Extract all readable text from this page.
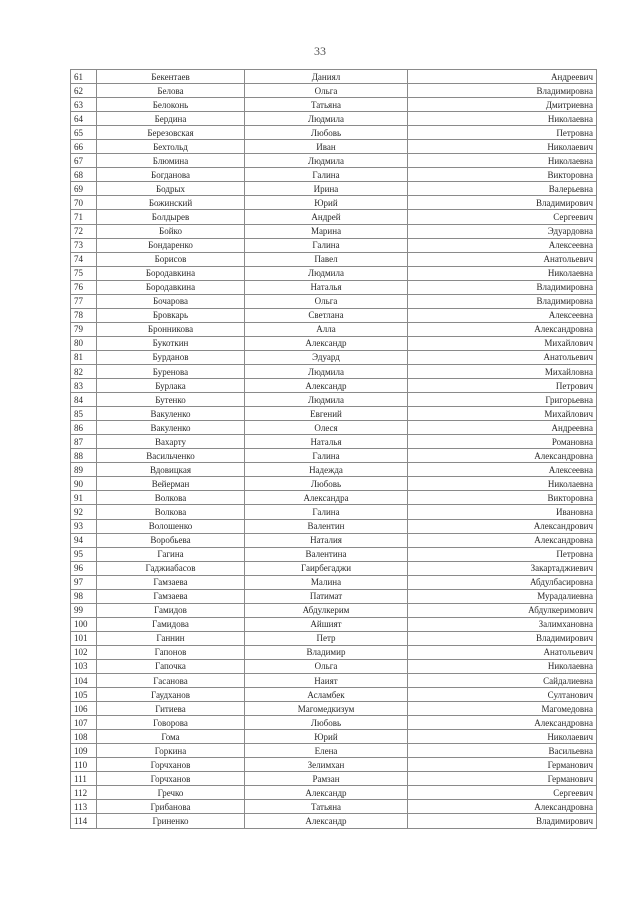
33
61	Бекентаев	Даниял	Андреевич
62	Белова	Ольга	Владимировна
63	Белоконь	Татьяна	Дмитриевна
64	Бердина	Людмила	Николаевна
65	Березовская	Любовь	Петровна
66	Бехтольд	Иван	Николаевич
67	Блюмина	Людмила	Николаевна
68	Богданова	Галина	Викторовна
69	Бодрых	Ирина	Валерьевна
70	Божинский	Юрий	Владимирович
71	Болдырев	Андрей	Сергеевич
72	Бойко	Марина	Эдуардовна
73	Бондаренко	Галина	Алексеевна
74	Борисов	Павел	Анатольевич
75	Бородавкина	Людмила	Николаевна
76	Бородавкина	Наталья	Владимировна
77	Бочарова	Ольга	Владимировна
78	Бровкарь	Светлана	Алексеевна
79	Бронникова	Алла	Александровна
80	Букоткин	Александр	Михайлович
81	Бурданов	Эдуард	Анатольевич
82	Буренова	Людмила	Михайловна
83	Бурлака	Александр	Петрович
84	Бутенко	Людмила	Григорьевна
85	Вакуленко	Евгений	Михайлович
86	Вакуленко	Олеся	Андреевна
87	Вахарту	Наталья	Романовна
88	Васильченко	Галина	Александровна
89	Вдовицкая	Надежда	Алексеевна
90	Вейерман	Любовь	Николаевна
91	Волкова	Александра	Викторовна
92	Волкова	Галина	Ивановна
93	Волошенко	Валентин	Александрович
94	Воробьева	Наталия	Александровна
95	Гагина	Валентина	Петровна
96	Гаджиабасов	Гаирбегаджи	Закартаджиевич
97	Гамзаева	Малина	Абдулбасировна
98	Гамзаева	Патимат	Мурадалиевна
99	Гамидов	Абдулкерим	Абдулкеримович
100	Гамидова	Айшият	Залимхановна
101	Ганнин	Петр	Владимирович
102	Гапонов	Владимир	Анатольевич
103	Гапочка	Ольга	Николаевна
104	Гасанова	Наият	Сайдалиевна
105	Гаудханов	Асламбек	Султанович
106	Гитиева	Магомедкизум	Магомедовна
107	Говорова	Любовь	Александровна
108	Гома	Юрий	Николаевич
109	Горкина	Елена	Васильевна
110	Горчханов	Зелимхан	Германович
111	Горчханов	Рамзан	Германович
112	Гречко	Александр	Сергеевич
113	Грибанова	Татьяна	Александровна
114	Гриненко	Александр	Владимирович
